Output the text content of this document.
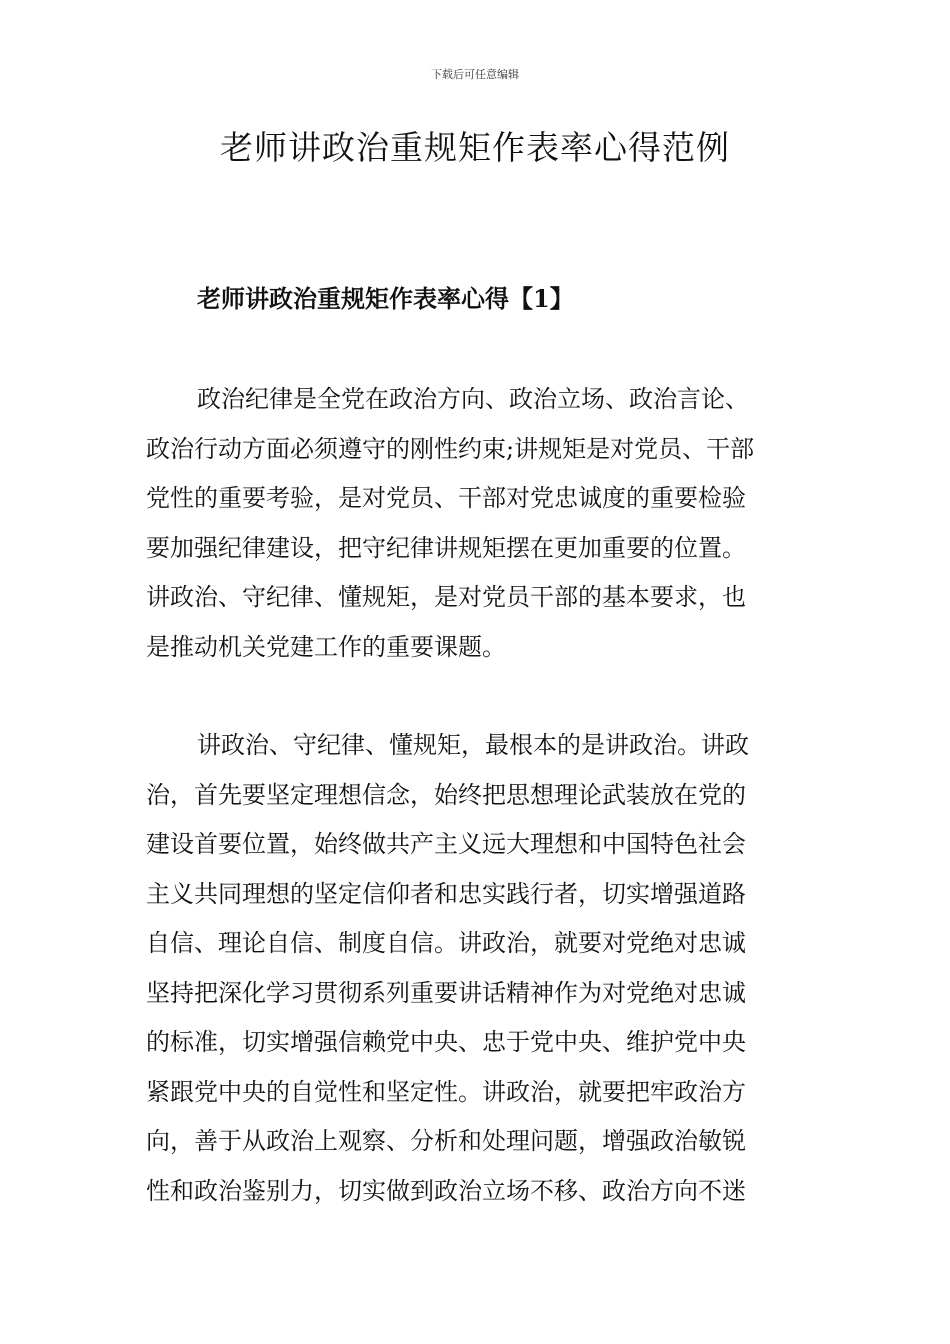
下载后可任意编辑
老师讲政治重规矩作表率心得范例
老师讲政治重规矩作表率心得【1】
政治纪律是全党在政治方向、政治立场、政治言论、
政治行动方面必须遵守的刚性约束;讲规矩是对党员、干部
党性的重要考验，是对党员、干部对党忠诚度的重要检验
要加强纪律建设，把守纪律讲规矩摆在更加重要的位置。
讲政治、守纪律、懂规矩，是对党员干部的基本要求，也
是推动机关党建工作的重要课题。
讲政治、守纪律、懂规矩，最根本的是讲政治。讲政
治，首先要坚定理想信念，始终把思想理论武装放在党的
建设首要位置，始终做共产主义远大理想和中国特色社会
主义共同理想的坚定信仰者和忠实践行者，切实增强道路
自信、理论自信、制度自信。讲政治，就要对党绝对忠诚
坚持把深化学习贯彻系列重要讲话精神作为对党绝对忠诚
的标准，切实增强信赖党中央、忠于党中央、维护党中央
紧跟党中央的自觉性和坚定性。讲政治，就要把牢政治方
向，善于从政治上观察、分析和处理问题，增强政治敏锐
性和政治鉴别力，切实做到政治立场不移、政治方向不迷
